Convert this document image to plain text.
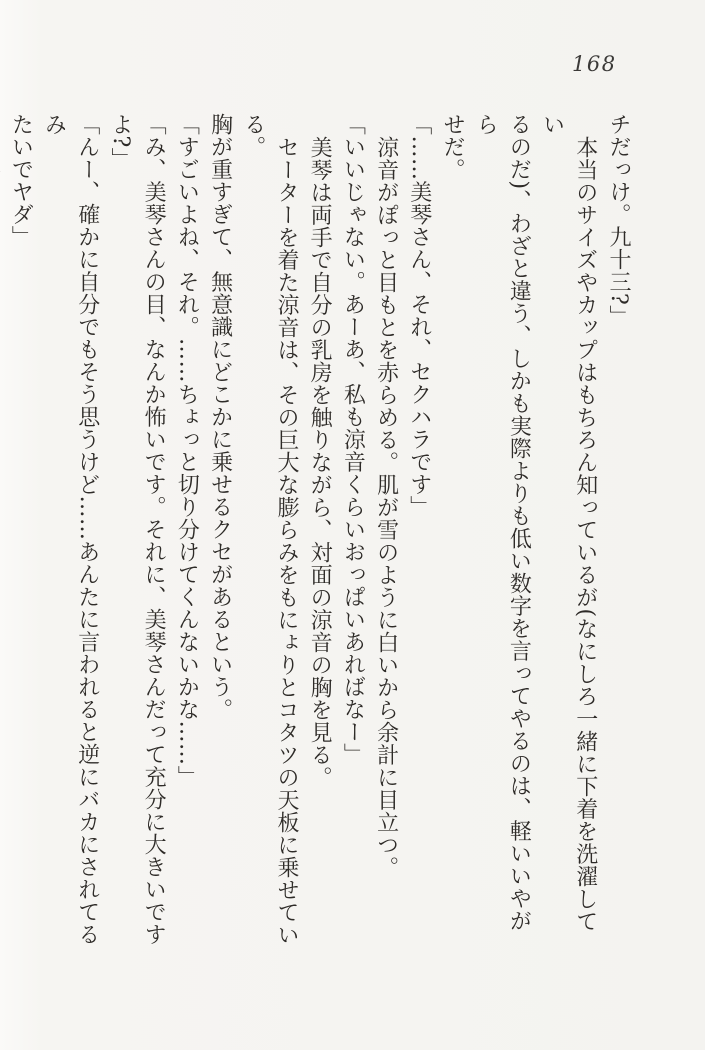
168

チだっけ。九十三?」

本当のサイズやカップはもちろん知っているが(なにしろ一緒に下着を洗濯してい

るのだ)、わざと違う、しかも実際よりも低い数字を言ってやるのは、軽いいやがら

せだ。

「……美琴さん、それ、セクハラです」

涼音がぽっと目もとを赤らめる。肌が雪のように白いから余計に目立つ。

「いいじゃない。あーあ、私も涼音くらいおっぱいあればなー」

美琴は両手で自分の乳房を触りながら、対面の涼音の胸を見る。

セーターを着た涼音は、その巨大な膨らみをもにょりとコタツの天板に乗せている。

胸が重すぎて、無意識にどこかに乗せるクセがあるという。

「すごいよね、それ。……ちょっと切り分けてくんないかな……」

「み、美琴さんの目、なんか怖いです。それに、美琴さんだって充分に大きいですよ?」

「んー、確かに自分でもそう思うけど……あんたに言われると逆にバカにされてるみ

たいでヤダ」
